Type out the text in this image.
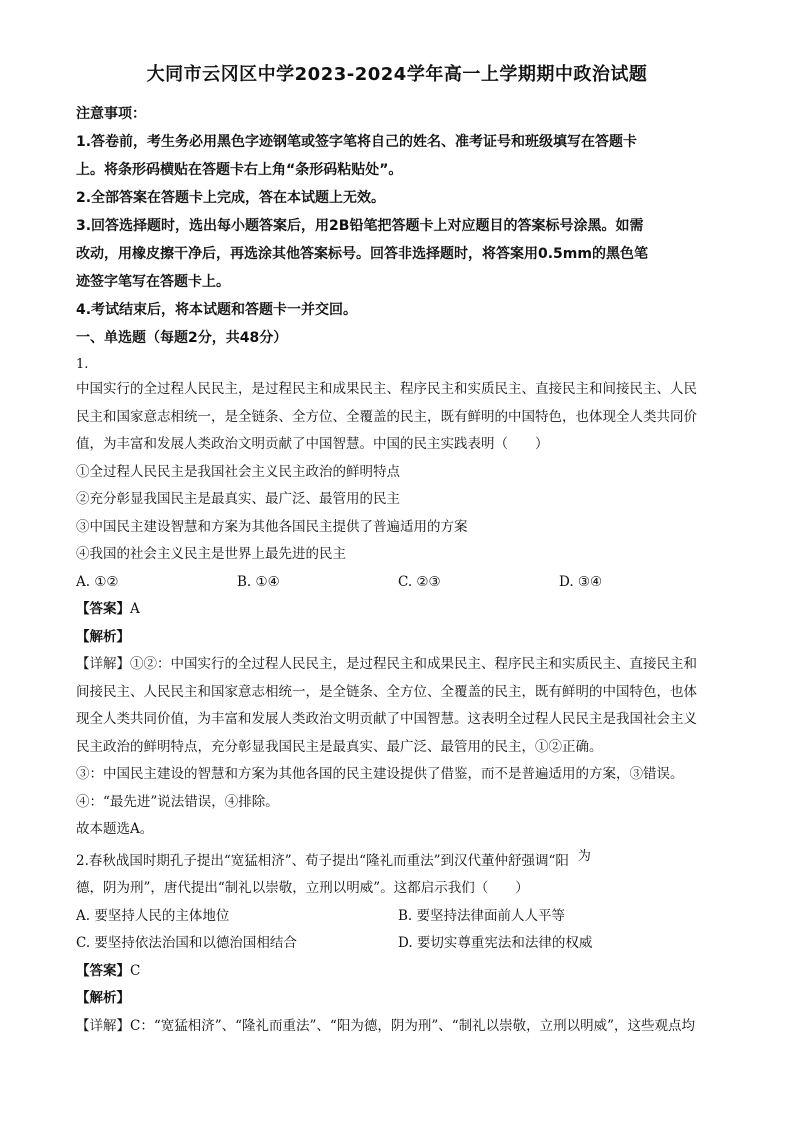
大同市云冈区中学2023-2024学年高一上学期期中政治试题
注意事项：
1.答卷前，考生务必用黑色字迹钢笔或签字笔将自己的姓名、准考证号和班级填写在答题卡
上。将条形码横贴在答题卡右上角“条形码粘贴处”。
2.全部答案在答题卡上完成，答在本试题上无效。
3.回答选择题时，选出每小题答案后，用2B铅笔把答题卡上对应题目的答案标号涂黑。如需
改动，用橡皮擦干净后，再选涂其他答案标号。回答非选择题时，将答案用0.5mm的黑色笔
迹签字笔写在答题卡上。
4.考试结束后，将本试题和答题卡一并交回。
一、单选题（每题2分，共48分）
1.
中国实行的全过程人民民主，是过程民主和成果民主、程序民主和实质民主、直接民主和间接民主、人民
民主和国家意志相统一，是全链条、全方位、全覆盖的民主，既有鲜明的中国特色，也体现全人类共同价
值，为丰富和发展人类政治文明贡献了中国智慧。中国的民主实践表明（　　）
①全过程人民民主是我国社会主义民主政治的鲜明特点
②充分彰显我国民主是最真实、最广泛、最管用的民主
③中国民主建设智慧和方案为其他各国民主提供了普遍适用的方案
④我国的社会主义民主是世界上最先进的民主
A. ①②	B. ①④	C. ②③	D. ③④
【答案】A
【解析】
【详解】①②：中国实行的全过程人民民主，是过程民主和成果民主、程序民主和实质民主、直接民主和
间接民主、人民民主和国家意志相统一，是全链条、全方位、全覆盖的民主，既有鲜明的中国特色，也体
现全人类共同价值，为丰富和发展人类政治文明贡献了中国智慧。这表明全过程人民民主是我国社会主义
民主政治的鲜明特点，充分彰显我国民主是最真实、最广泛、最管用的民主，①②正确。
③：中国民主建设的智慧和方案为其他各国的民主建设提供了借鉴，而不是普遍适用的方案，③错误。
④：“最先进”说法错误，④排除。
故本题选A。
2.春秋战国时期孔子提出“宽猛相济”、荀子提出“隆礼而重法”到汉代董仲舒强调“阳 为
德，阴为刑”，唐代提出“制礼以崇敬，立刑以明威”。这都启示我们（　　）
A. 要坚持人民的主体地位	B. 要坚持法律面前人人平等
C. 要坚持依法治国和以德治国相结合	D. 要切实尊重宪法和法律的权威
【答案】C
【解析】
【详解】C：“宽猛相济”、“隆礼而重法”、“阳为德，阴为刑”、“制礼以崇敬，立刑以明威”，这些观点均
